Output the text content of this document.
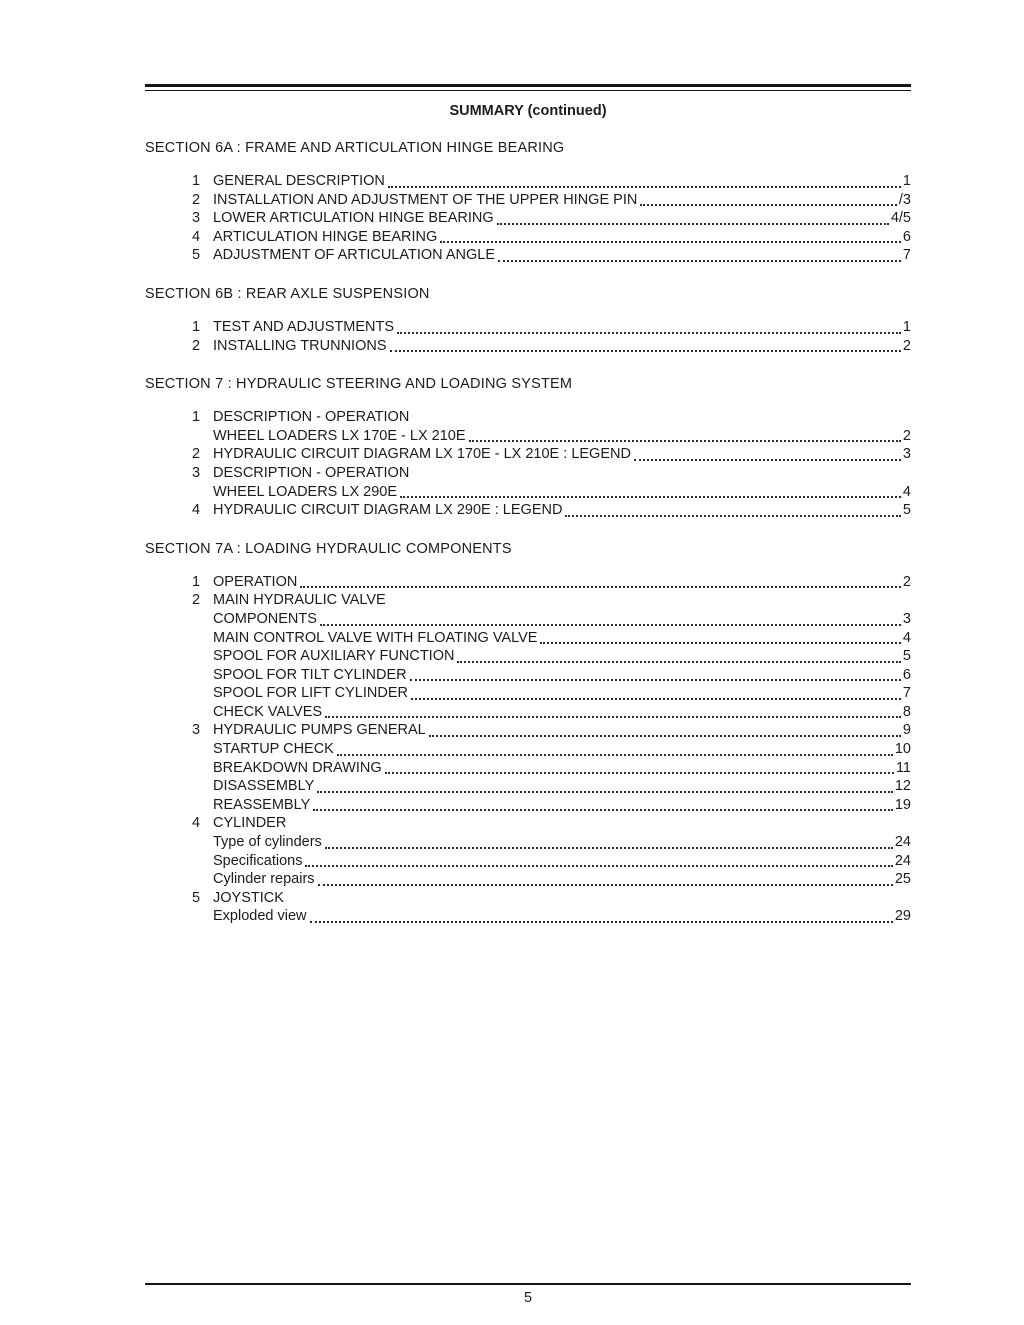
SUMMARY (continued)
SECTION 6A : FRAME AND ARTICULATION HINGE BEARING
1 GENERAL DESCRIPTION	1
2 INSTALLATION AND ADJUSTMENT OF THE UPPER HINGE PIN	/3
3 LOWER ARTICULATION HINGE BEARING	4/5
4 ARTICULATION HINGE BEARING	6
5 ADJUSTMENT OF ARTICULATION ANGLE	7
SECTION 6B : REAR AXLE SUSPENSION
1 TEST AND ADJUSTMENTS	1
2 INSTALLING TRUNNIONS	2
SECTION 7 : HYDRAULIC STEERING AND LOADING SYSTEM
1 DESCRIPTION - OPERATION
WHEEL LOADERS LX 170E - LX 210E	2
2 HYDRAULIC CIRCUIT DIAGRAM LX 170E - LX 210E : LEGEND	3
3 DESCRIPTION - OPERATION
WHEEL LOADERS LX 290E	4
4 HYDRAULIC CIRCUIT DIAGRAM LX 290E : LEGEND	5
SECTION 7A : LOADING HYDRAULIC COMPONENTS
1 OPERATION	2
2 MAIN HYDRAULIC VALVE
COMPONENTS	3
MAIN CONTROL VALVE WITH FLOATING VALVE	4
SPOOL FOR AUXILIARY FUNCTION	5
SPOOL FOR TILT CYLINDER	6
SPOOL FOR LIFT CYLINDER	7
CHECK VALVES	8
3 HYDRAULIC PUMPS GENERAL	9
STARTUP CHECK	10
BREAKDOWN DRAWING	11
DISASSEMBLY	12
REASSEMBLY	19
4 CYLINDER
Type of cylinders	24
Specifications	24
Cylinder repairs	25
5 JOYSTICK
Exploded view	29
5
